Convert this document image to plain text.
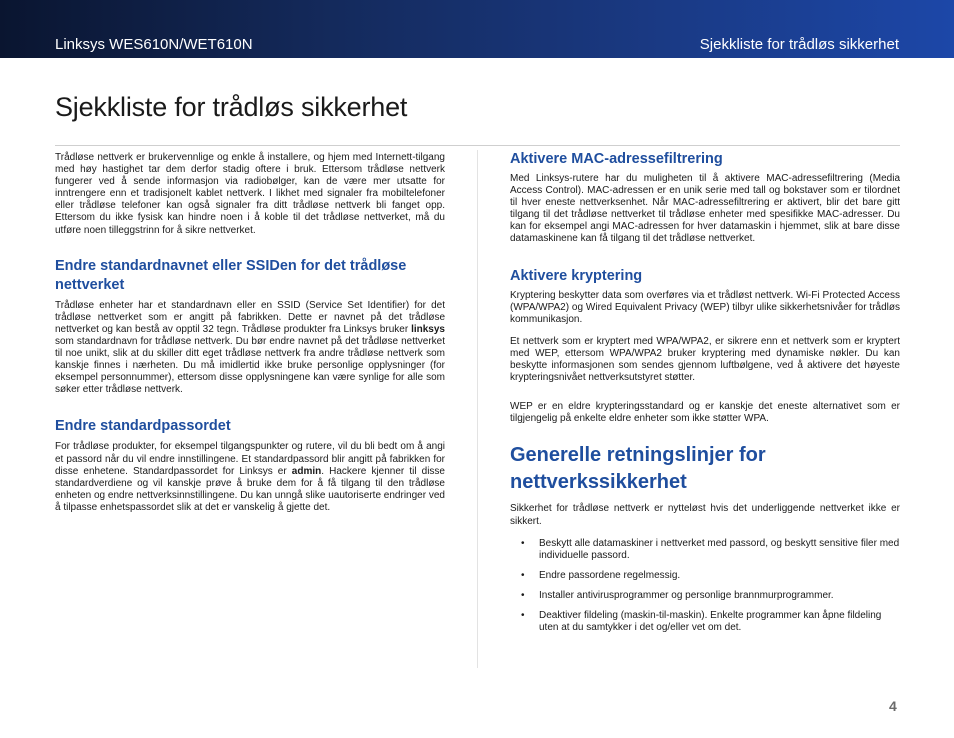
Linksys WES610N/WET610N	Sjekkliste for trådløs sikkerhet
Sjekkliste for trådløs sikkerhet

Trådløse nettverk er brukervennlige og enkle å installere, og hjem med Internett-tilgang med høy hastighet tar dem derfor stadig oftere i bruk. Ettersom trådløse nettverk fungerer ved å sende informasjon via radiobølger, kan de være mer utsatte for inntrengere enn et tradisjonelt kablet nettverk. I likhet med signaler fra mobiltelefoner eller trådløse telefoner kan også signaler fra ditt trådløse nettverk bli fanget opp. Ettersom du ikke fysisk kan hindre noen i å koble til det trådløse nettverket, må du utføre noen tilleggstrinn for å sikre nettverket.

Endre standardnavnet eller SSIDen for det trådløse nettverket

Trådløse enheter har et standardnavn eller en SSID (Service Set Identifier) for det trådløse nettverket som er angitt på fabrikken. Dette er navnet på det trådløse nettverket og kan bestå av opptil 32 tegn. Trådløse produkter fra Linksys bruker linksys som standardnavn for trådløse nettverk. Du bør endre navnet på det trådløse nettverket til noe unikt, slik at du skiller ditt eget trådløse nettverk fra andre trådløse nettverk som kanskje finnes i nærheten. Du må imidlertid ikke bruke personlige opplysninger (for eksempel personnummer), ettersom disse opplysningene kan være synlige for alle som søker etter trådløse nettverk.

Endre standardpassordet

For trådløse produkter, for eksempel tilgangspunkter og rutere, vil du bli bedt om å angi et passord når du vil endre innstillingene. Et standardpassord blir angitt på fabrikken for disse enhetene. Standardpassordet for Linksys er admin. Hackere kjenner til disse standardverdiene og vil kanskje prøve å bruke dem for å få tilgang til den trådløse enheten og endre nettverksinnstillingene. Du kan unngå slike uautoriserte endringer ved å tilpasse enhetspassordet slik at det er vanskelig å gjette det.

Aktivere MAC-adressefiltrering

Med Linksys-rutere har du muligheten til å aktivere MAC-adressefiltrering (Media Access Control). MAC-adressen er en unik serie med tall og bokstaver som er tilordnet til hver eneste nettverksenhet. Når MAC-adressefiltrering er aktivert, blir det bare gitt tilgang til det trådløse nettverket til trådløse enheter med spesifikke MAC-adresser. Du kan for eksempel angi MAC-adressen for hver datamaskin i hjemmet, slik at bare disse datamaskinene kan få tilgang til det trådløse nettverket.

Aktivere kryptering

Kryptering beskytter data som overføres via et trådløst nettverk. Wi-Fi Protected Access (WPA/WPA2) og Wired Equivalent Privacy (WEP) tilbyr ulike sikkerhetsnivåer for trådløs kommunikasjon.

Et nettverk som er kryptert med WPA/WPA2, er sikrere enn et nettverk som er kryptert med WEP, ettersom WPA/WPA2 bruker kryptering med dynamiske nøkler. Du kan beskytte informasjonen som sendes gjennom luftbølgene, ved å aktivere det høyeste krypteringsnivået nettverksutstyret støtter.

WEP er en eldre krypteringsstandard og er kanskje det eneste alternativet som er tilgjengelig på enkelte eldre enheter som ikke støtter WPA.

Generelle retningslinjer for nettverkssikkerhet

Sikkerhet for trådløse nettverk er nytteløst hvis det underliggende nettverket ikke er sikkert.

• Beskytt alle datamaskiner i nettverket med passord, og beskytt sensitive filer med individuelle passord.
• Endre passordene regelmessig.
• Installer antivirusprogrammer og personlige brannmurprogrammer.
• Deaktiver fildeling (maskin-til-maskin). Enkelte programmer kan åpne fildeling uten at du samtykker i det og/eller vet om det.
4
